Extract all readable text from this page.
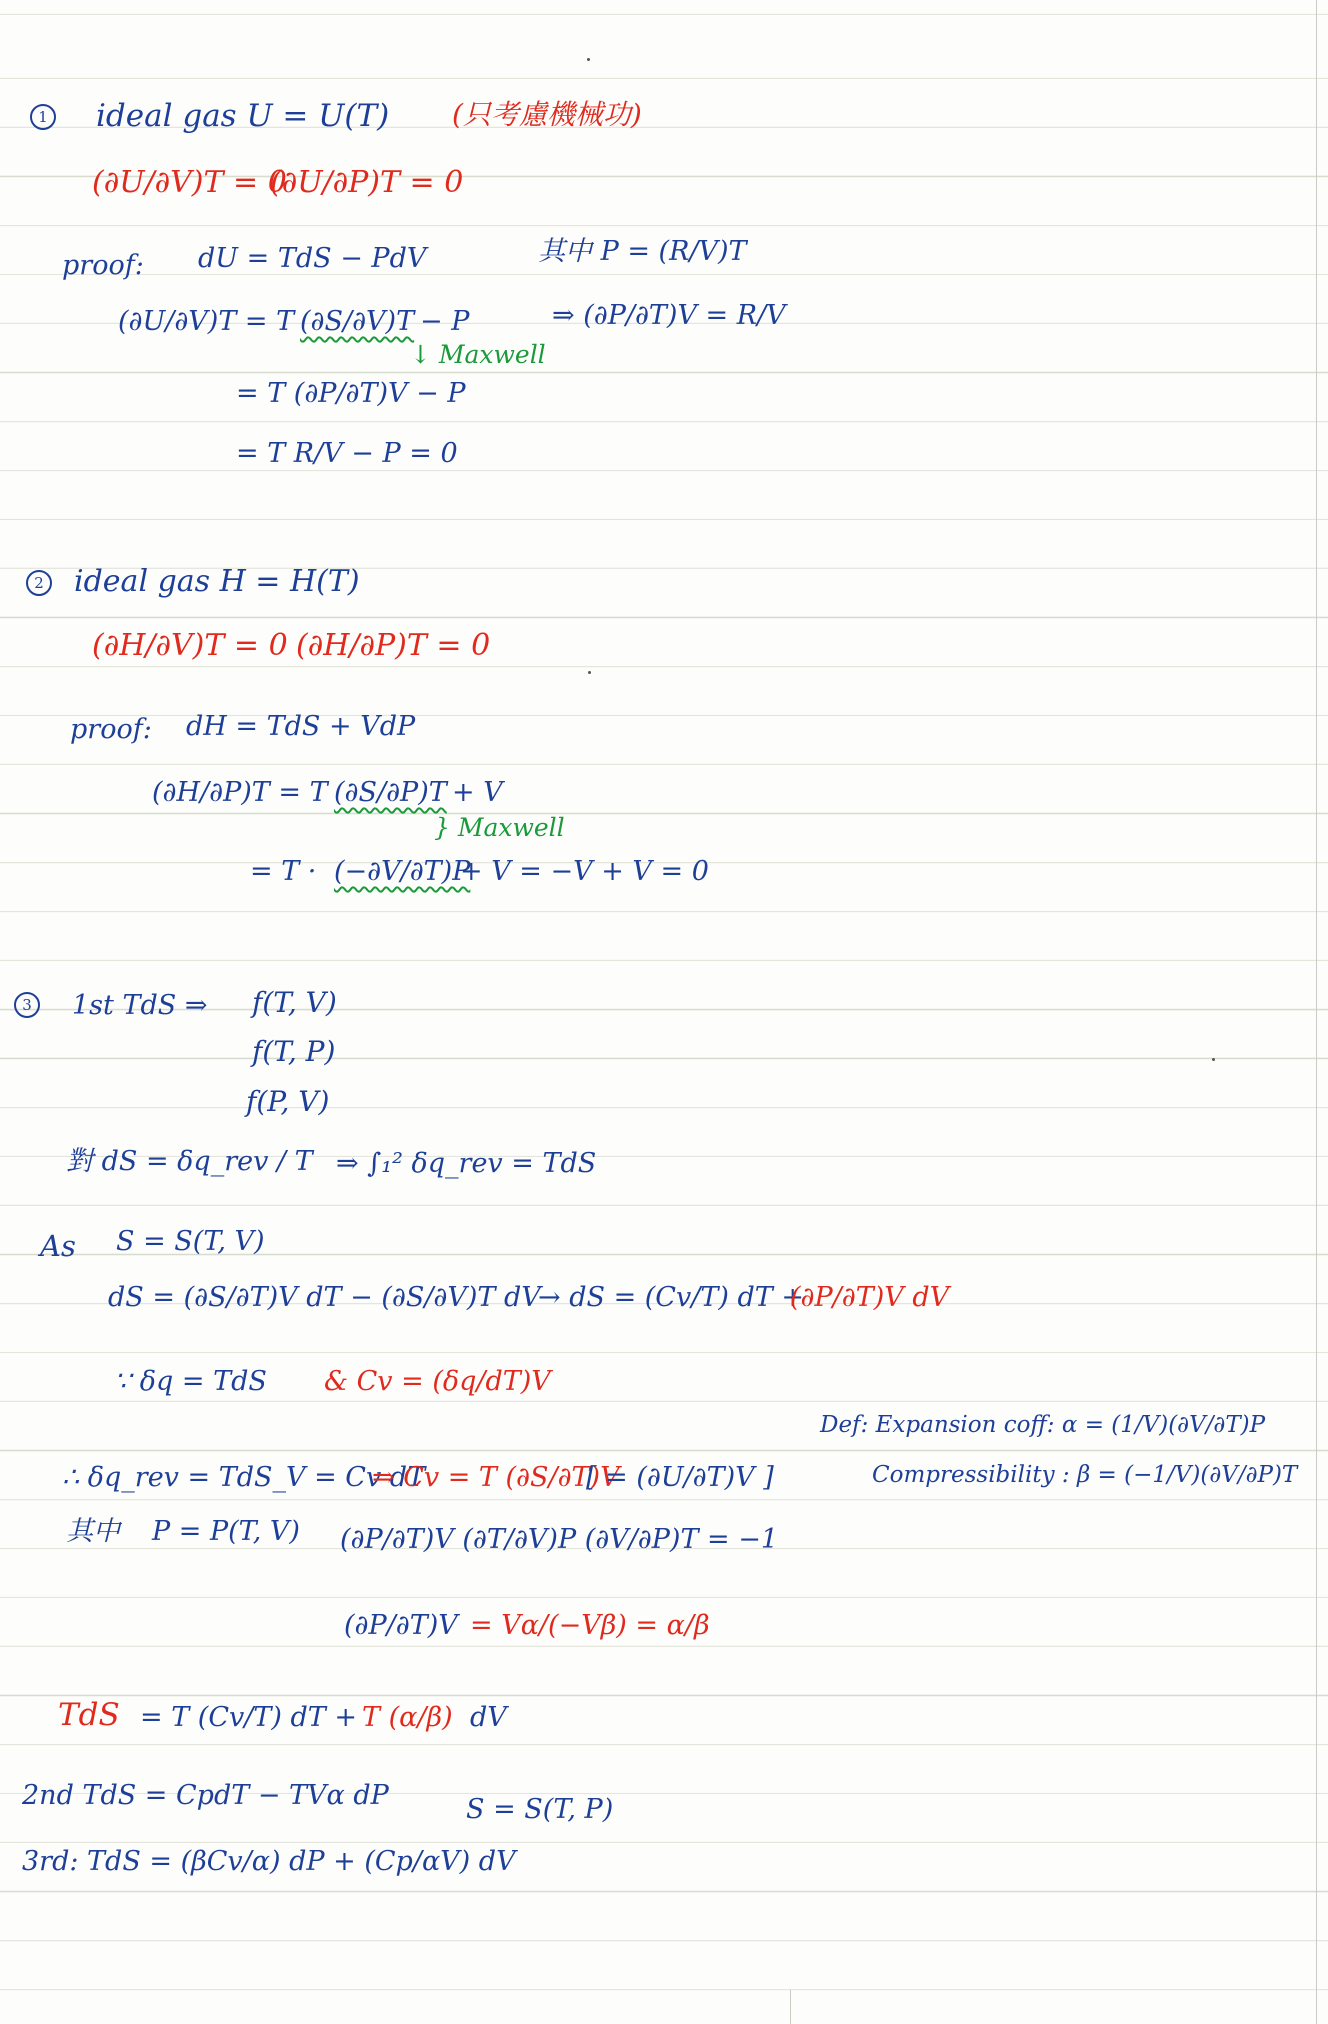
1 ideal gas U = U(T) (只考慮機械功)
(∂U/∂V)T = 0
(∂U/∂P)T = 0
proof: dU = TdS − PdV	其中 P = (R/V)T
⇒ (∂P/∂T)V = R/V
(∂U/∂V)T = T (∂S/∂V)T − P
↓ Maxwell
= T (∂P/∂T)V − P
= T R/V − P = 0
2 ideal gas H = H(T)
(∂H/∂V)T = 0 (∂H/∂P)T = 0
proof: dH = TdS + VdP
(∂H/∂P)T = T (∂S/∂P)T + V
} Maxwell
= T · (−∂V/∂T)P
+ V = −V + V = 0
3	1st TdS ⇒ f(T, V)
f(T, P)
f(P, V)
對 dS = δq_rev / T ⇒ ∫₁² δq_rev = TdS
As S = S(T, V)
dS = (∂S/∂T)V dT − (∂S/∂V)T dV
→ dS = (Cv/T) dT +
(∂P/∂T)V dV
∵ δq = TdS & Cv = (δq/dT)V
Def: Expansion coff: α = (1/V)(∂V/∂T)P
Compressibility : β = (−1/V)(∂V/∂P)T
∴ δq_rev = TdS_V = Cv dT
⇒ Cv = T (∂S/∂T)V
[ = (∂U/∂T)V ]
其中 P = P(T, V) (∂P/∂T)V (∂T/∂V)P (∂V/∂P)T = −1
(∂P/∂T)V = Vα/(−Vβ) = α/β
TdS = T (Cv/T) dT + T (α/β) dV
2nd TdS = CpdT − TVα dP	S = S(T, P)
3rd: TdS = (βCv/α) dP + (Cp/αV) dV
